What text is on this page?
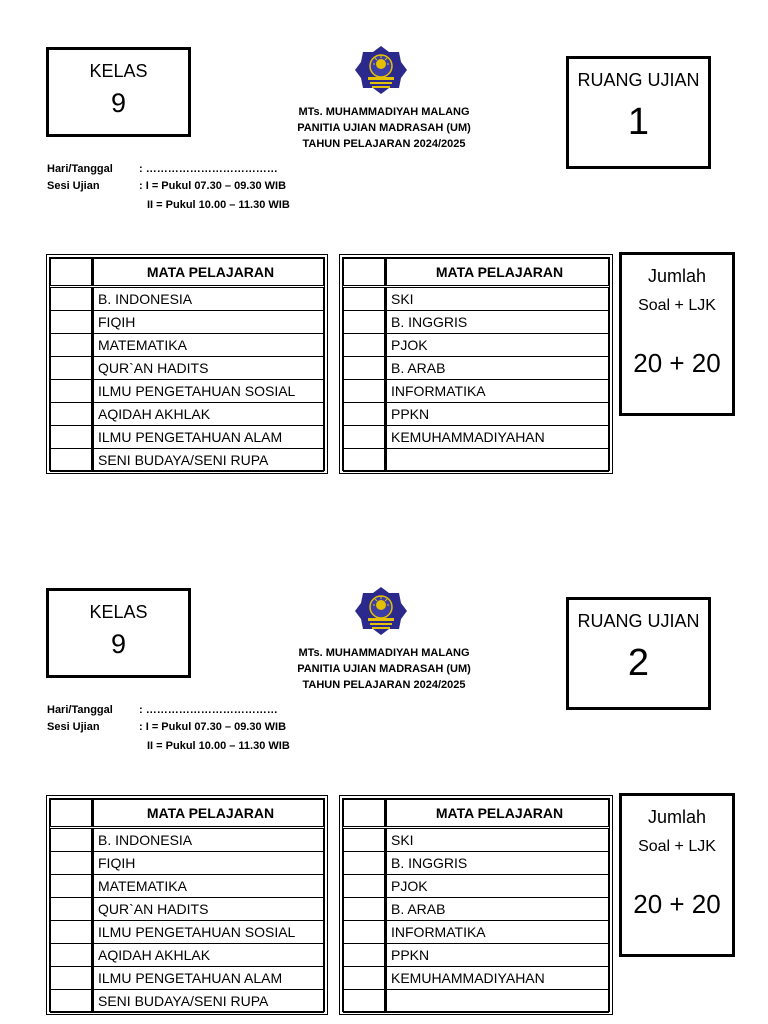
KELAS
9	MTs. MUHAMMADIYAH MALANG
PANITIA UJIAN MADRASAH (UM)
TAHUN PELAJARAN 2024/2025
RUANG UJIAN
1
Hari/Tanggal : ………………………………
Sesi Ujian	: I = Pukul 07.30 – 09.30 WIB
II = Pukul 10.00 – 11.30 WIB
	MATA PELAJARAN
	B. INDONESIA
	FIQIH
	MATEMATIKA
	QUR`AN HADITS
	ILMU PENGETAHUAN SOSIAL
	AQIDAH AKHLAK
	ILMU PENGETAHUAN ALAM
	SENI BUDAYA/SENI RUPA
	MATA PELAJARAN
	SKI
	B. INGGRIS
	PJOK
	B. ARAB
	INFORMATIKA
	PPKN
	KEMUHAMMADIYAHAN

Jumlah
Soal + LJK
20 + 20
KELAS
9	MTs. MUHAMMADIYAH MALANG
PANITIA UJIAN MADRASAH (UM)
TAHUN PELAJARAN 2024/2025
RUANG UJIAN
2
Hari/Tanggal : ………………………………
Sesi Ujian	: I = Pukul 07.30 – 09.30 WIB
II = Pukul 10.00 – 11.30 WIB
	MATA PELAJARAN
	B. INDONESIA
	FIQIH
	MATEMATIKA
	QUR`AN HADITS
	ILMU PENGETAHUAN SOSIAL
	AQIDAH AKHLAK
	ILMU PENGETAHUAN ALAM
	SENI BUDAYA/SENI RUPA
	MATA PELAJARAN
	SKI
	B. INGGRIS
	PJOK
	B. ARAB
	INFORMATIKA
	PPKN
	KEMUHAMMADIYAHAN

Jumlah
Soal + LJK
20 + 20
